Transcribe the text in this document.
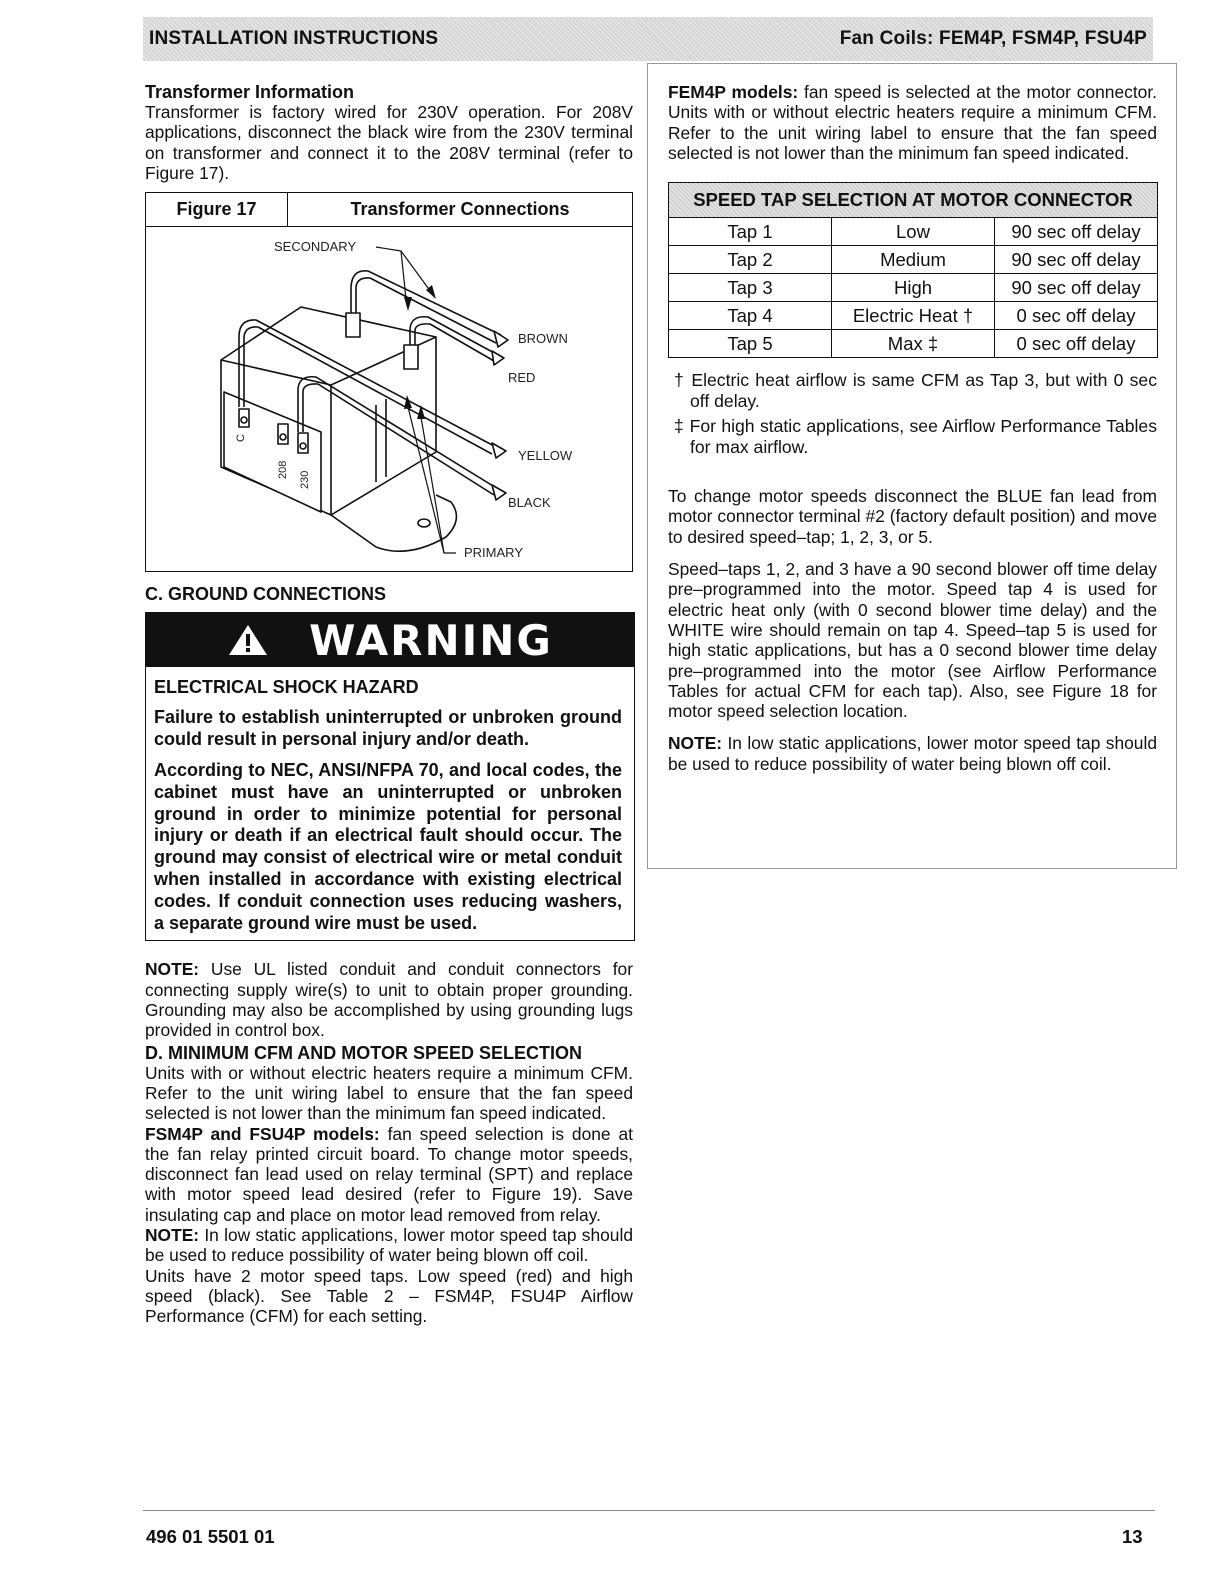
INSTALLATION INSTRUCTIONS	Fan Coils: FEM4P, FSM4P, FSU4P
Transformer Information

Transformer is factory wired for 230V operation. For 208V applications, disconnect the black wire from the 230V terminal on transformer and connect it to the 208V terminal (refer to Figure 17).

Figure 17	Transformer Connections
SECONDARY
BROWN
RED
YELLOW
BLACK
PRIMARY
C
208
230
C. GROUND CONNECTIONS
WARNING

ELECTRICAL SHOCK HAZARD

Failure to establish uninterrupted or unbroken ground could result in personal injury and/or death.

According to NEC, ANSI/NFPA 70, and local codes, the cabinet must have an uninterrupted or unbroken ground in order to minimize potential for personal injury or death if an electrical fault should occur. The ground may consist of electrical wire or metal conduit when installed in accordance with existing electrical codes. If conduit connection uses reducing washers, a separate ground wire must be used.

NOTE: Use UL listed conduit and conduit connectors for connecting supply wire(s) to unit to obtain proper grounding. Grounding may also be accomplished by using grounding lugs provided in control box.

D. MINIMUM CFM AND MOTOR SPEED SELECTION

Units with or without electric heaters require a minimum CFM. Refer to the unit wiring label to ensure that the fan speed selected is not lower than the minimum fan speed indicated.

FSM4P and FSU4P models: fan speed selection is done at the fan relay printed circuit board. To change motor speeds, disconnect fan lead used on relay terminal (SPT) and replace with motor speed lead desired (refer to Figure 19). Save insulating cap and place on motor lead removed from relay.

NOTE: In low static applications, lower motor speed tap should be used to reduce possibility of water being blown off coil.

Units have 2 motor speed taps. Low speed (red) and high speed (black). See Table 2 – FSM4P, FSU4P Airflow Performance (CFM) for each setting.

FEM4P models: fan speed is selected at the motor connector. Units with or without electric heaters require a minimum CFM. Refer to the unit wiring label to ensure that the fan speed selected is not lower than the minimum fan speed indicated.

SPEED TAP SELECTION AT MOTOR CONNECTOR		
Tap 1	Low	90 sec off delay
Tap 2	Medium	90 sec off delay
Tap 3	High	90 sec off delay
Tap 4	Electric Heat †	0 sec off delay
Tap 5	Max ‡	0 sec off delay

† Electric heat airflow is same CFM as Tap 3, but with 0 sec off delay.

‡ For high static applications, see Airflow Performance Tables for max airflow.

To change motor speeds disconnect the BLUE fan lead from motor connector terminal #2 (factory default position) and move to desired speed–tap; 1, 2, 3, or 5.

Speed–taps 1, 2, and 3 have a 90 second blower off time delay pre–programmed into the motor. Speed tap 4 is used for electric heat only (with 0 second blower time delay) and the WHITE wire should remain on tap 4. Speed–tap 5 is used for high static applications, but has a 0 second blower time delay pre–programmed into the motor (see Airflow Performance Tables for actual CFM for each tap). Also, see Figure 18 for motor speed selection location.

NOTE: In low static applications, lower motor speed tap should be used to reduce possibility of water being blown off coil.

496 01 5501 01	13
